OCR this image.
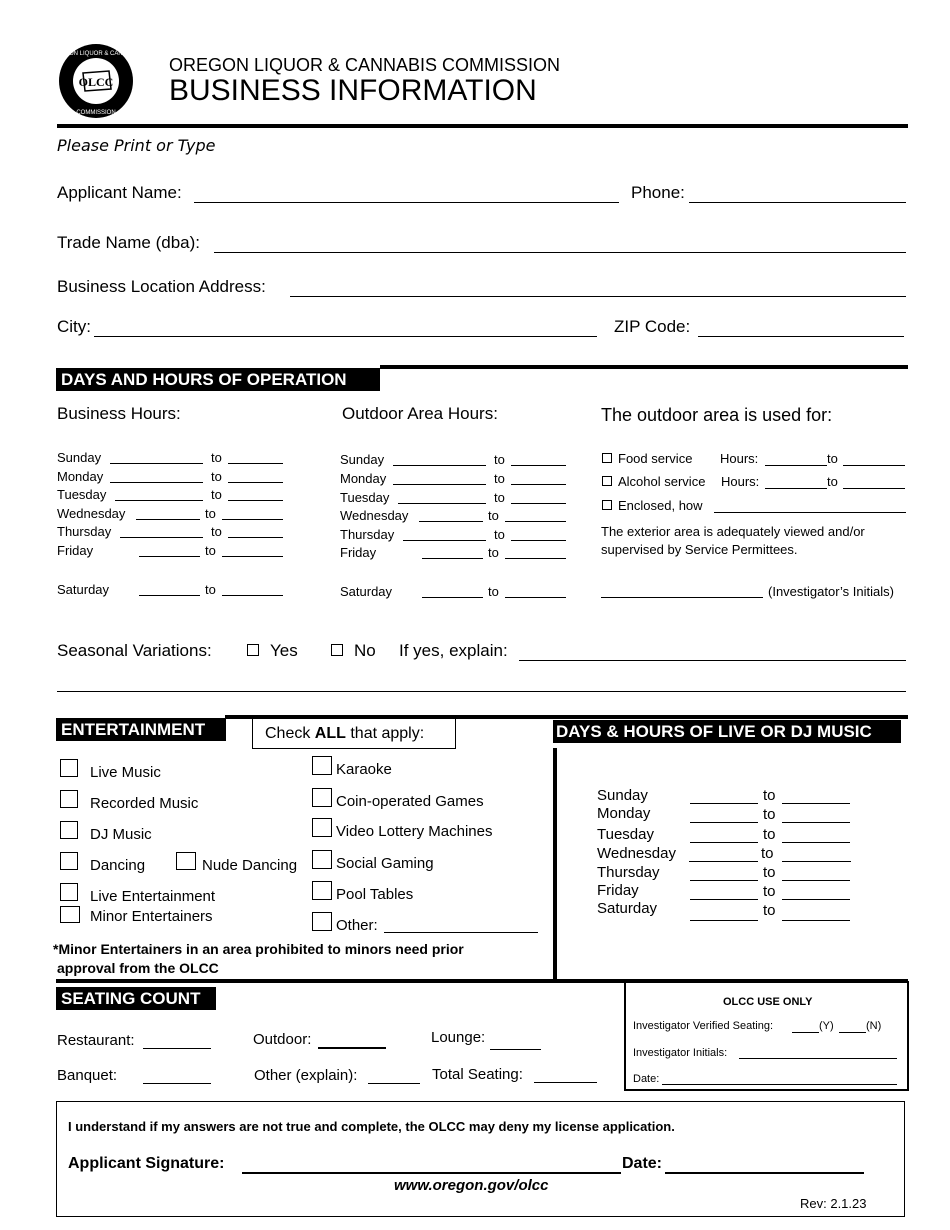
OLCC
OREGON LIQUOR & CANNABIS
COMMISSION
OREGON LIQUOR & CANNABIS COMMISSION
BUSINESS INFORMATION
Please Print or Type
Applicant Name:	Phone:
Trade Name (dba):
Business Location Address:
City:	ZIP Code:
DAYS AND HOURS OF OPERATION
Business Hours:	Outdoor Area Hours:	The outdoor area is used for:
Sunday	to
Monday	to
Tuesday	to
Wednesday	to
Thursday	to
Friday	to
Saturday	to
Sunday	to
Monday	to
Tuesday	to
Wednesday	to
Thursday	to
Friday	to
Saturday	to
Food service Hours:	to
Alcohol service Hours:	to
Enclosed, how
The exterior area is adequately viewed and/or supervised by Service Permittees.
(Investigator’s Initials)
Seasonal Variations:	Yes	No If yes, explain:
ENTERTAINMENT	Check ALL that apply:	DAYS & HOURS OF LIVE OR DJ MUSIC
Live Music
Recorded Music
DJ Music
Dancing	Nude Dancing
Live Entertainment
Minor Entertainers
Karaoke
Coin-operated Games
Video Lottery Machines
Social Gaming
Pool Tables
Other:
*Minor Entertainers in an area prohibited to minors need prior
approval from the OLCC
Sunday	to
Monday	to
Tuesday	to
Wednesday	to
Thursday	to
Friday	to
Saturday	to
SEATING COUNT
Restaurant:	Outdoor:	Lounge:
Banquet:	Other (explain):	Total Seating:
OLCC USE ONLY
Investigator Verified Seating:	(Y)	(N)
Investigator Initials:
Date:
I understand if my answers are not true and complete, the OLCC may deny my license application.
Applicant Signature:	Date:
www.oregon.gov/olcc
Rev: 2.1.23
